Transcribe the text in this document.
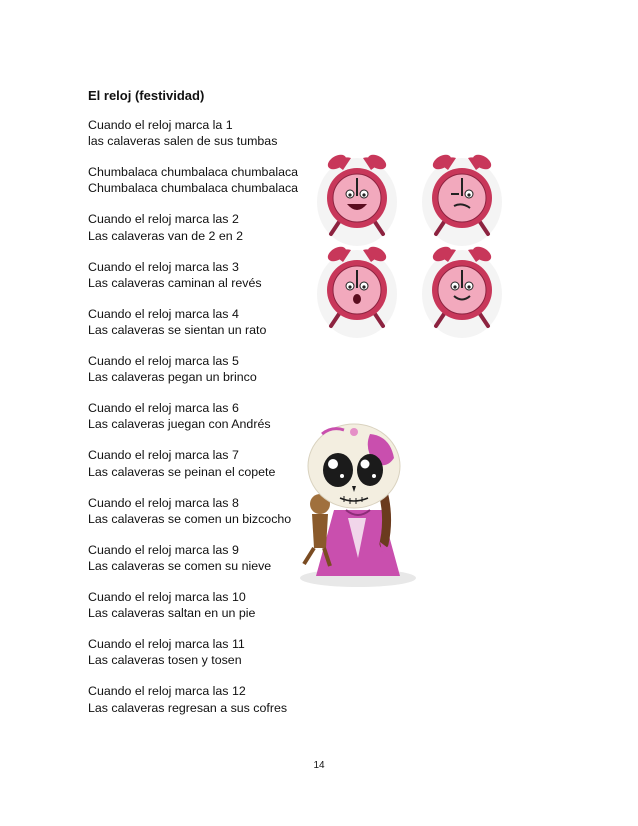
El reloj (festividad)
Cuando el reloj marca la 1
las calaveras salen de sus tumbas
Chumbalaca chumbalaca chumbalaca
Chumbalaca chumbalaca chumbalaca
Cuando el reloj marca las 2
Las calaveras van de 2 en 2
Cuando el reloj marca las 3
Las calaveras caminan al revés
Cuando el reloj marca las 4
Las calaveras se sientan un rato
Cuando el reloj marca las 5
Las calaveras pegan un brinco
Cuando el reloj marca las 6
Las calaveras juegan con Andrés
Cuando el reloj marca las 7
Las calaveras se peinan el copete
Cuando el reloj marca las 8
Las calaveras se comen un bizcocho
Cuando el reloj marca las 9
Las calaveras se comen su nieve
Cuando el reloj marca las 10
Las calaveras saltan en un pie
Cuando el reloj marca las 11
Las calaveras tosen y tosen
Cuando el reloj marca las 12
Las calaveras regresan a sus cofres
14
